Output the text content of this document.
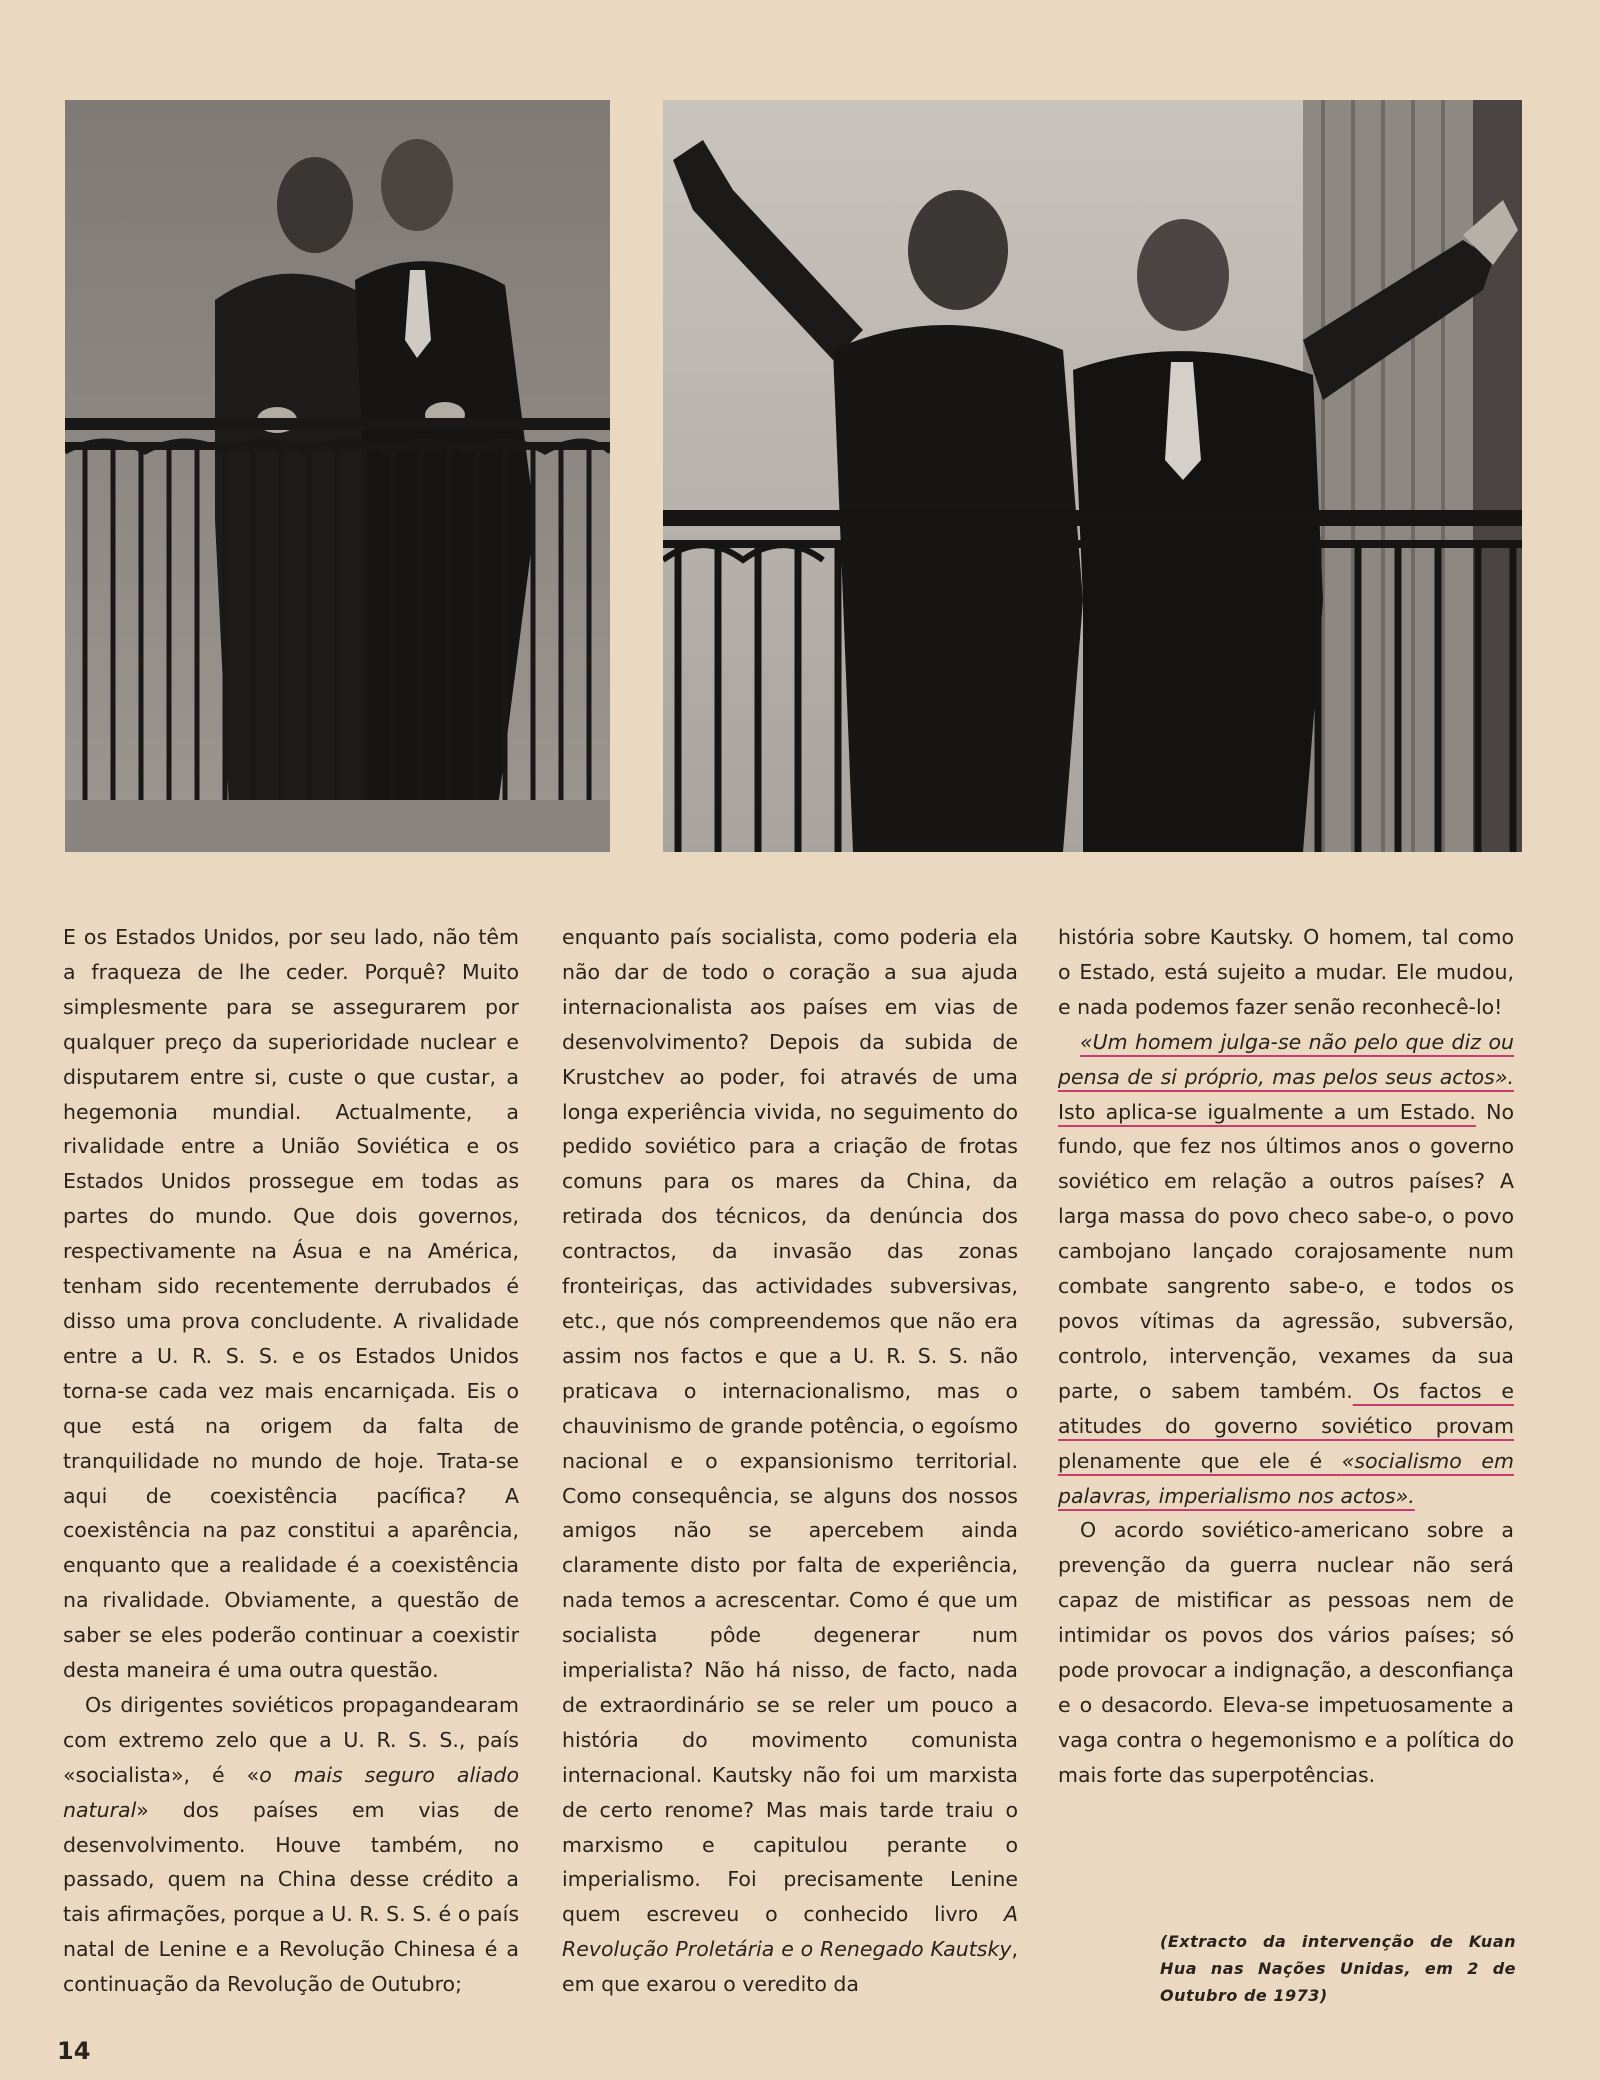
E os Estados Unidos, por seu lado, não têm a fraqueza de lhe ceder. Porquê? Muito simplesmente para se assegurarem por qualquer preço da superioridade nuclear e disputarem entre si, custe o que custar, a hegemonia mundial. Actualmente, a rivalidade entre a União Soviética e os Estados Unidos prossegue em todas as partes do mundo. Que dois governos, respectivamente na Ásua e na América, tenham sido recentemente derrubados é disso uma prova concludente. A rivalidade entre a U. R. S. S. e os Estados Unidos torna-se cada vez mais encarniçada. Eis o que está na origem da falta de tranquilidade no mundo de hoje. Trata-se aqui de coexistência pacífica? A coexistência na paz constitui a aparência, enquanto que a realidade é a coexistência na rivalidade. Obviamente, a questão de saber se eles poderão continuar a coexistir desta maneira é uma outra questão.

Os dirigentes soviéticos propagandearam com extremo zelo que a U. R. S. S., país «socialista», é «o mais seguro aliado natural» dos países em vias de desenvolvimento. Houve também, no passado, quem na China desse crédito a tais afirmações, porque a U. R. S. S. é o país natal de Lenine e a Revolução Chinesa é a continuação da Revolução de Outubro;

enquanto país socialista, como poderia ela não dar de todo o coração a sua ajuda internacionalista aos países em vias de desenvolvimento? Depois da subida de Krustchev ao poder, foi através de uma longa experiência vivida, no seguimento do pedido soviético para a criação de frotas comuns para os mares da China, da retirada dos técnicos, da denúncia dos contractos, da invasão das zonas fronteiriças, das actividades subversivas, etc., que nós compreendemos que não era assim nos factos e que a U. R. S. S. não praticava o internacionalismo, mas o chauvinismo de grande potência, o egoísmo nacional e o expansionismo territorial. Como consequência, se alguns dos nossos amigos não se apercebem ainda claramente disto por falta de experiência, nada temos a acrescentar. Como é que um socialista pôde degenerar num imperialista? Não há nisso, de facto, nada de extraordinário se se reler um pouco a história do movimento comunista internacional. Kautsky não foi um marxista de certo renome? Mas mais tarde traiu o marxismo e capitulou perante o imperialismo. Foi precisamente Lenine quem escreveu o conhecido livro A Revolução Proletária e o Renegado Kautsky, em que exarou o veredito da

história sobre Kautsky. O homem, tal como o Estado, está sujeito a mudar. Ele mudou, e nada podemos fazer senão reconhecê-lo!

«Um homem julga-se não pelo que diz ou pensa de si próprio, mas pelos seus actos». Isto aplica-se igualmente a um Estado. No fundo, que fez nos últimos anos o governo soviético em relação a outros países? A larga massa do povo checo sabe-o, o povo cambojano lançado corajosamente num combate sangrento sabe-o, e todos os povos vítimas da agressão, subversão, controlo, intervenção, vexames da sua parte, o sabem também. Os factos e atitudes do governo soviético provam plenamente que ele é «socialismo em palavras, imperialismo nos actos».

O acordo soviético-americano sobre a prevenção da guerra nuclear não será capaz de mistificar as pessoas nem de intimidar os povos dos vários países; só pode provocar a indignação, a desconfiança e o desacordo. Eleva-se impetuosamente a vaga contra o hegemonismo e a política do mais forte das superpotências.

(Extracto da intervenção de Kuan Hua nas Nações Unidas, em 2 de Outubro de 1973)
14
